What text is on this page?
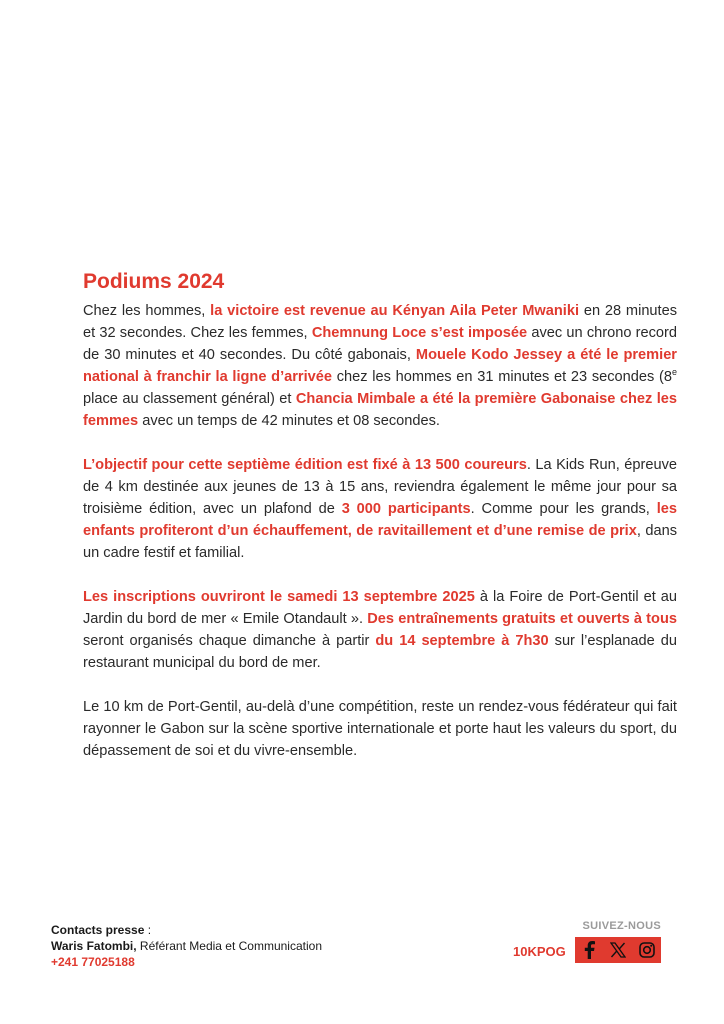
Podiums 2024

Chez les hommes, la victoire est revenue au Kényan Aila Peter Mwaniki en 28 minutes et 32 secondes. Chez les femmes, Chemnung Loce s’est imposée avec un chrono record de 30 minutes et 40 secondes. Du côté gabonais, Mouele Kodo Jessey a été le premier national à franchir la ligne d’arrivée chez les hommes en 31 minutes et 23 secondes (8e place au classement général) et Chancia Mimbale a été la première Gabonaise chez les femmes avec un temps de 42 minutes et 08 secondes.

L’objectif pour cette septième édition est fixé à 13 500 coureurs. La Kids Run, épreuve de 4 km destinée aux jeunes de 13 à 15 ans, reviendra également le même jour pour sa troisième édition, avec un plafond de 3 000 participants. Comme pour les grands, les enfants profiteront d’un échauffement, de ravitaillement et d’une remise de prix, dans un cadre festif et familial.

Les inscriptions ouvriront le samedi 13 septembre 2025 à la Foire de Port-Gentil et au Jardin du bord de mer « Emile Otandault ». Des entraînements gratuits et ouverts à tous seront organisés chaque dimanche à partir du 14 septembre à 7h30 sur l’esplanade du restaurant municipal du bord de mer.

Le 10 km de Port-Gentil, au-delà d’une compétition, reste un rendez-vous fédérateur qui fait rayonner le Gabon sur la scène sportive internationale et porte haut les valeurs du sport, du dépassement de soi et du vivre-ensemble.

Contacts presse :
Waris Fatombi, Référant Media et Communication
+241 77025188
SUIVEZ-NOUS
10KPOG
